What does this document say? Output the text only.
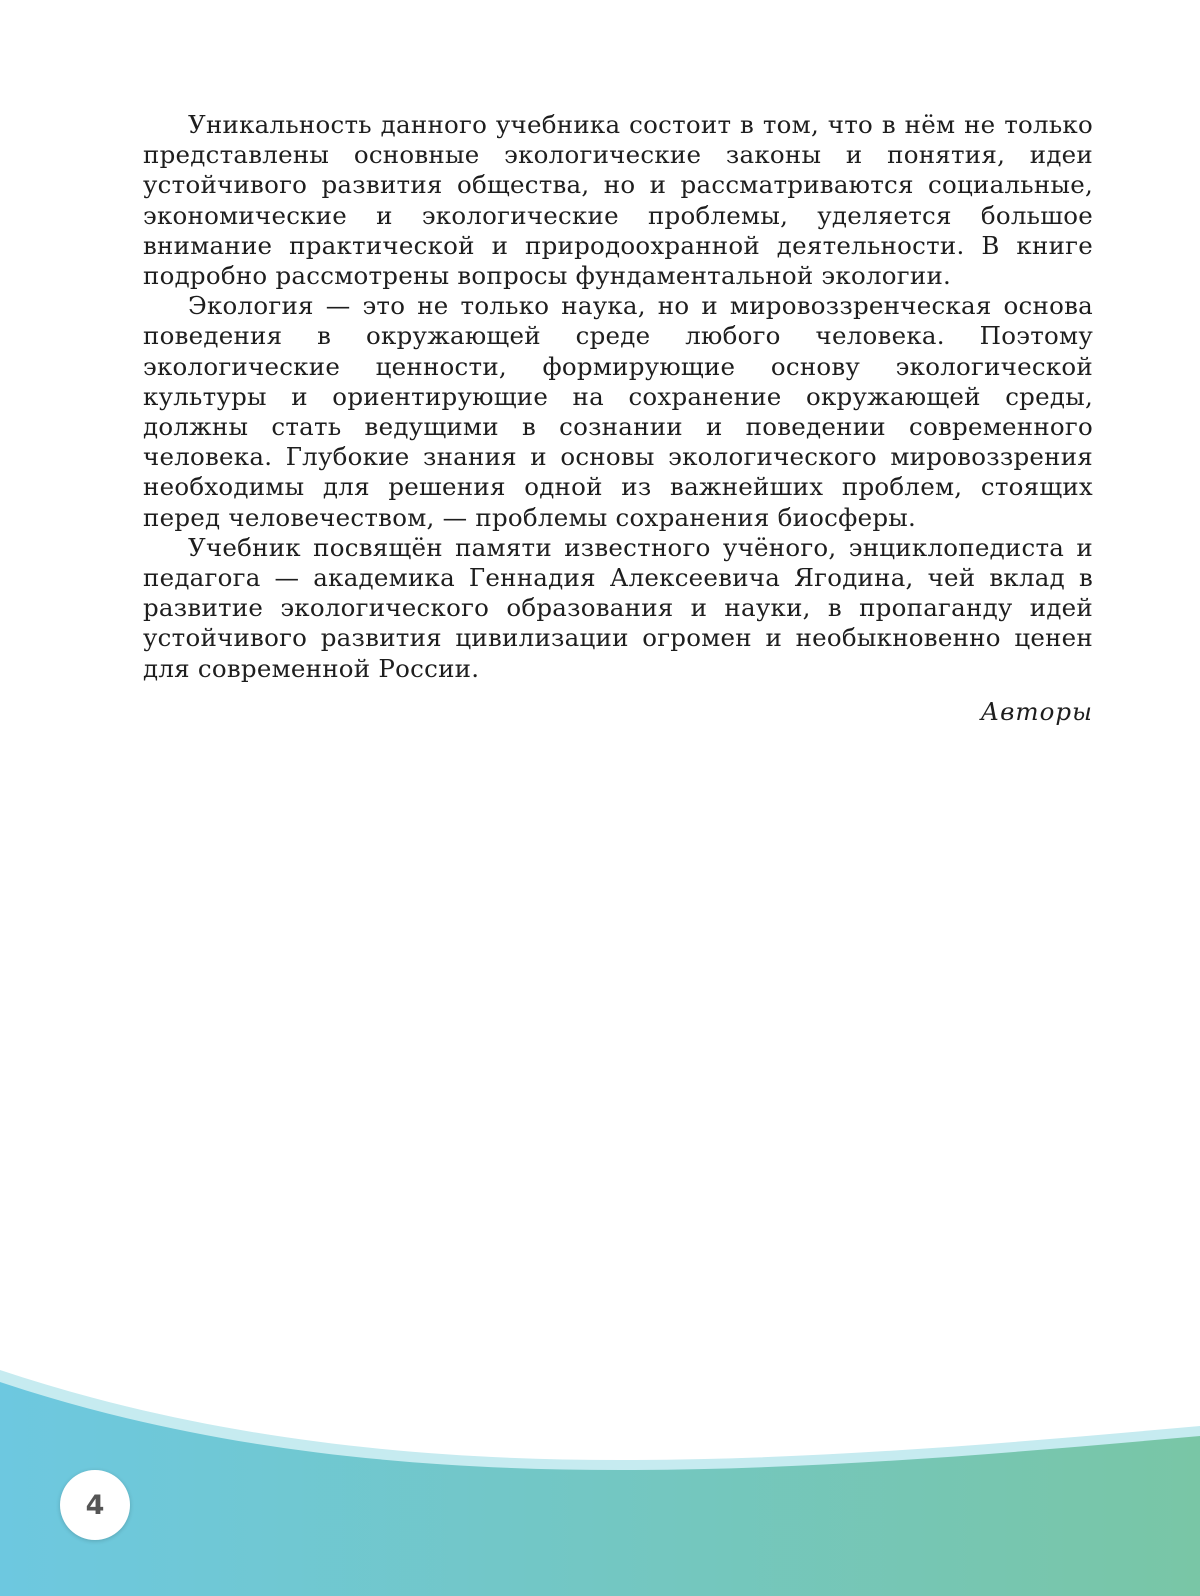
Уникальность данного учебника состоит в том, что в нём не только представлены основные экологические законы и понятия, идеи устойчивого развития общества, но и рассматриваются социальные, экономические и экологические проблемы, уделяется большое внимание практической и природоохранной деятельности. В книге подробно рассмотрены вопросы фундаментальной экологии.

Экология — это не только наука, но и мировоззренческая основа поведения в окружающей среде любого человека. Поэтому экологические ценности, формирующие основу экологической культуры и ориентирующие на сохранение окружающей среды, должны стать ведущими в сознании и поведении современного человека. Глубокие знания и основы экологического мировоззрения необходимы для решения одной из важнейших проблем, стоящих перед человечеством, — проблемы сохранения биосферы.

Учебник посвящён памяти известного учёного, энциклопедиста и педагога — академика Геннадия Алексеевича Ягодина, чей вклад в развитие экологического образования и науки, в пропаганду идей устойчивого развития цивилизации огромен и необыкновенно ценен для современной России.

Авторы
4
